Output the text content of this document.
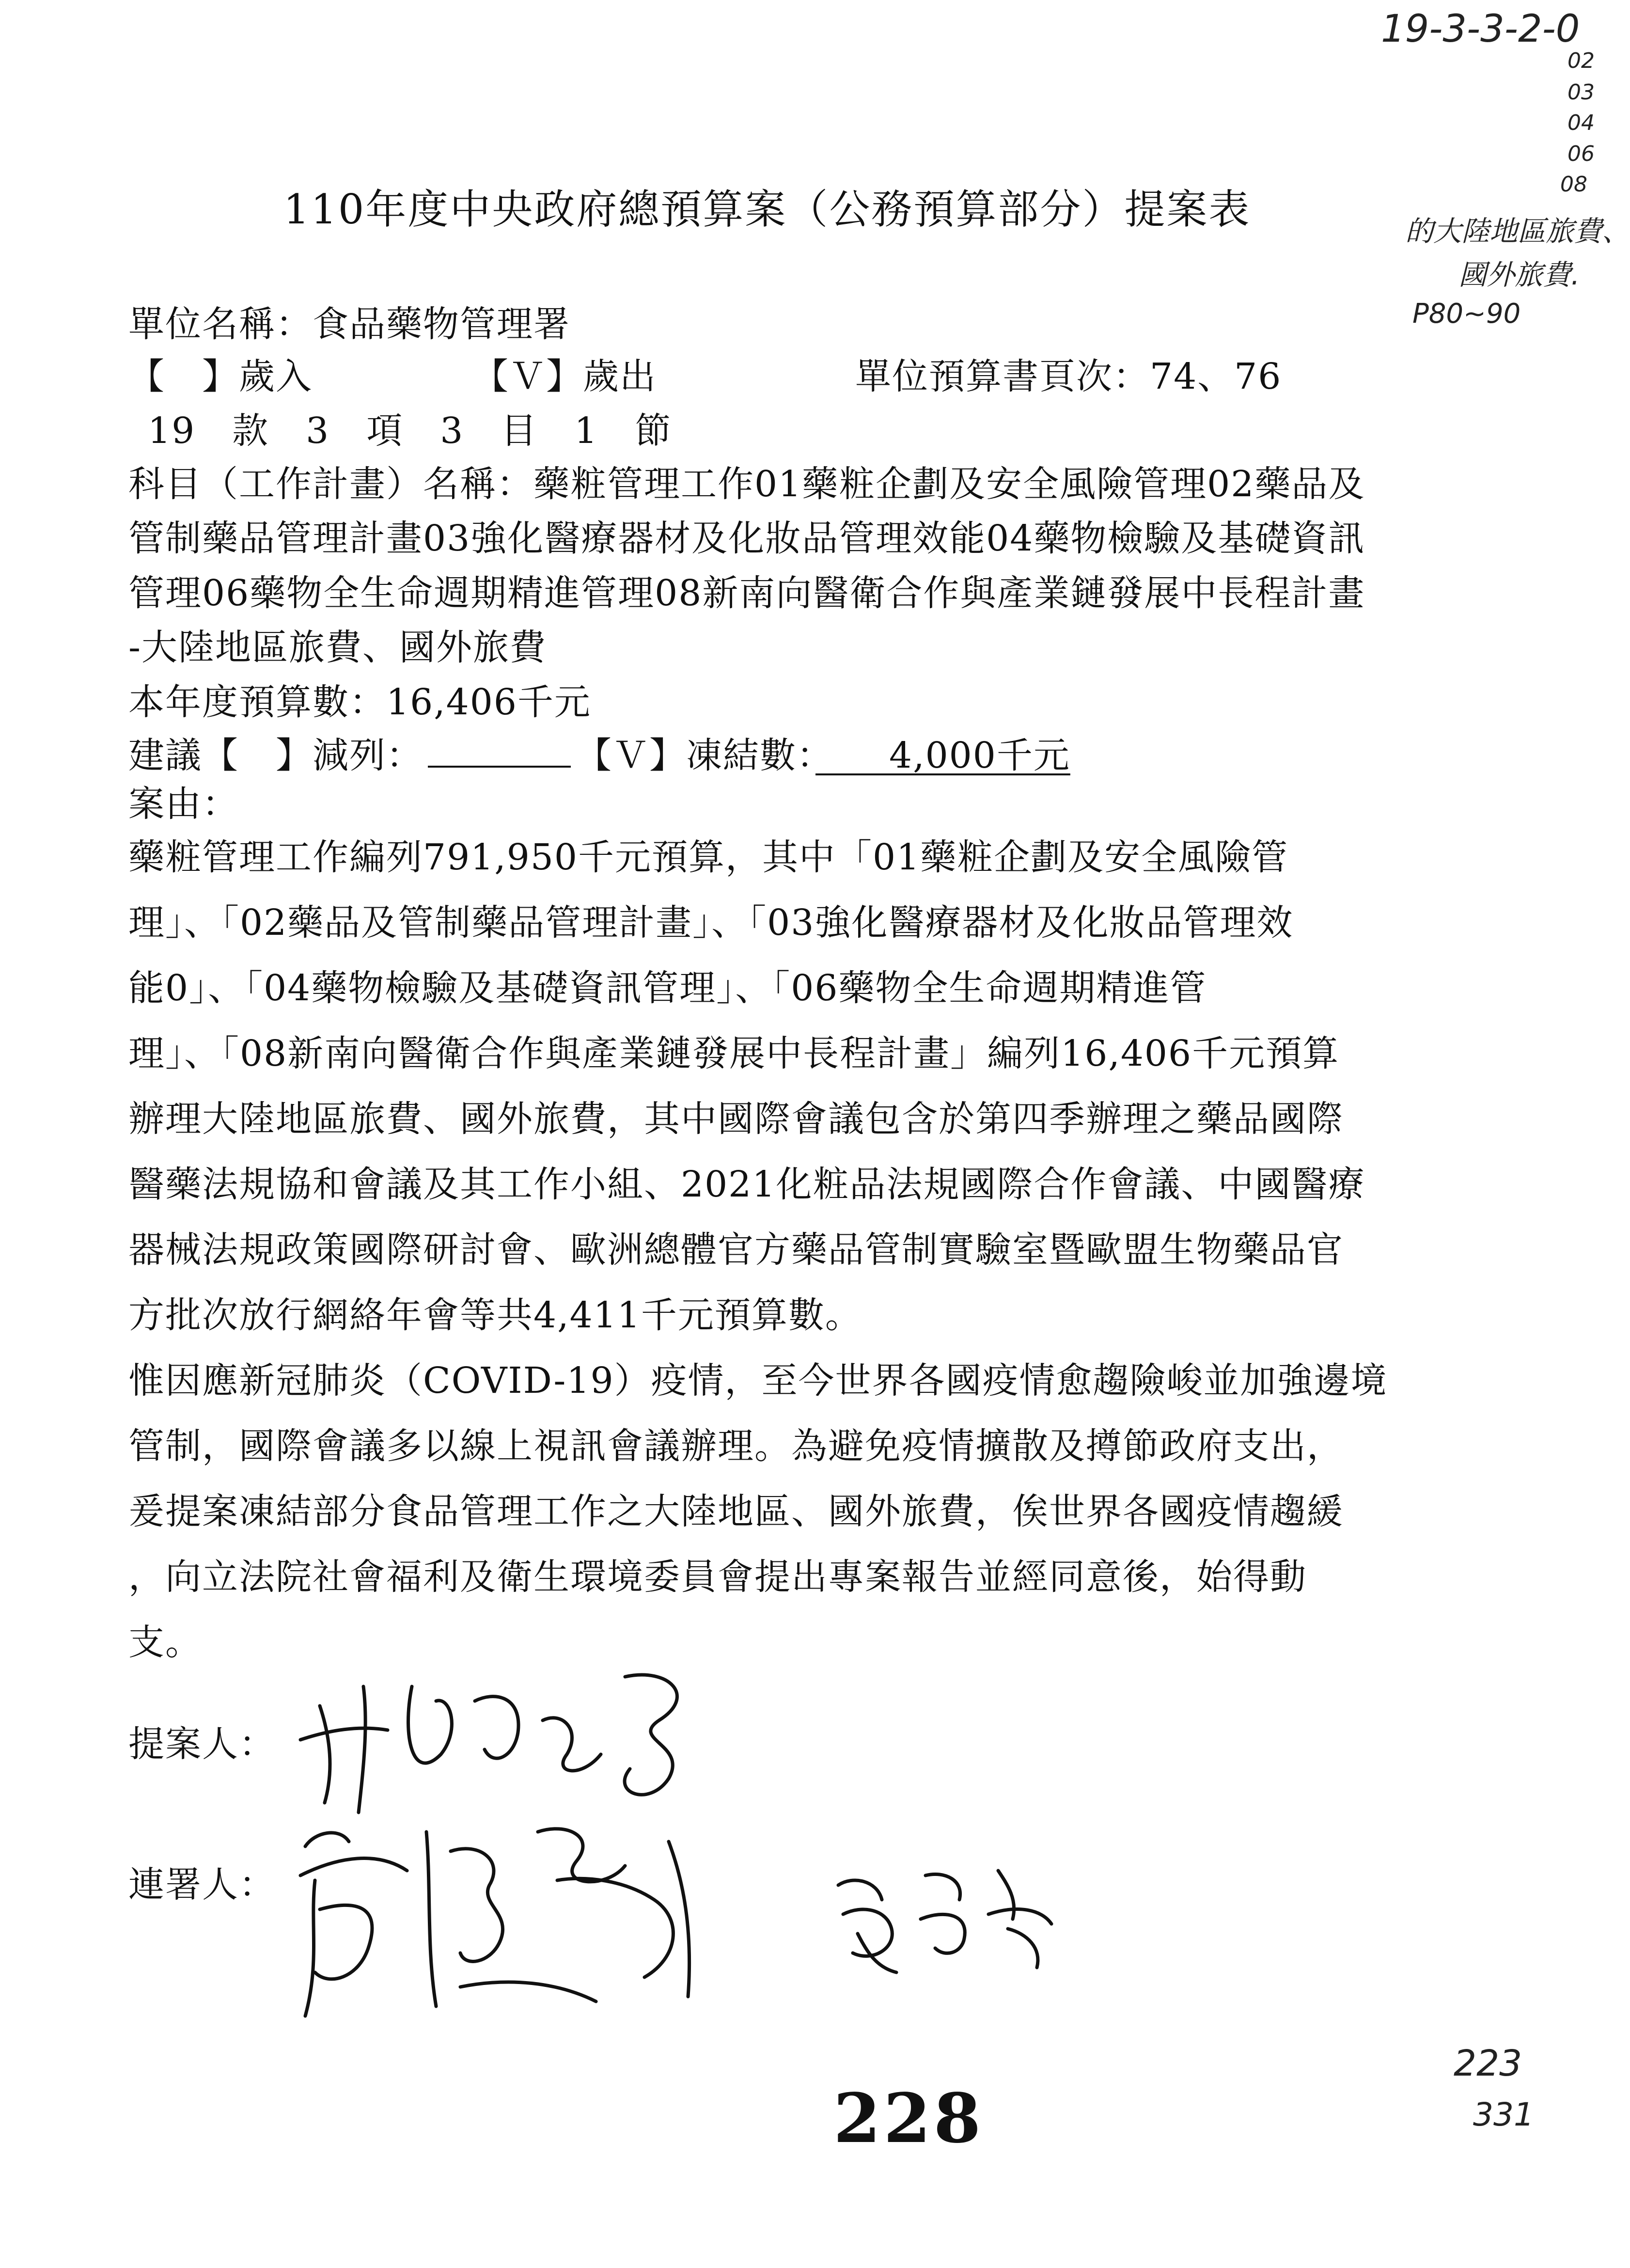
19-3-3-2-0
02
03
04
06
08
的大陸地區旅費、
國外旅費.
P80~90
110年度中央政府總預算案（公務預算部分）提案表
單位名稱：食品藥物管理署
【　】歲入	【Ｖ】歲出	單位預算書頁次：74、76
19　款　3　項　3　目　1　節
科目（工作計畫）名稱：藥粧管理工作01藥粧企劃及安全風險管理02藥品及
管制藥品管理計畫03強化醫療器材及化妝品管理效能04藥物檢驗及基礎資訊
管理06藥物全生命週期精進管理08新南向醫衛合作與產業鏈發展中長程計畫
-大陸地區旅費、國外旅費
本年度預算數：16,406千元
建議【　】減列：	【Ｖ】凍結數：　　 4,000千元
案由：
藥粧管理工作編列791,950千元預算，其中「01藥粧企劃及安全風險管
理」、「02藥品及管制藥品管理計畫」、「03強化醫療器材及化妝品管理效
能0」、「04藥物檢驗及基礎資訊管理」、「06藥物全生命週期精進管
理」、「08新南向醫衛合作與產業鏈發展中長程計畫」編列16,406千元預算
辦理大陸地區旅費、國外旅費，其中國際會議包含於第四季辦理之藥品國際
醫藥法規協和會議及其工作小組、2021化粧品法規國際合作會議、中國醫療
器械法規政策國際研討會、歐洲總體官方藥品管制實驗室暨歐盟生物藥品官
方批次放行網絡年會等共4,411千元預算數。
惟因應新冠肺炎（COVID-19）疫情，至今世界各國疫情愈趨險峻並加強邊境
管制，國際會議多以線上視訊會議辦理。為避免疫情擴散及撙節政府支出，
爰提案凍結部分食品管理工作之大陸地區、國外旅費，俟世界各國疫情趨緩
，向立法院社會福利及衛生環境委員會提出專案報告並經同意後，始得動
支。
提案人：
連署人：
228
223
331
